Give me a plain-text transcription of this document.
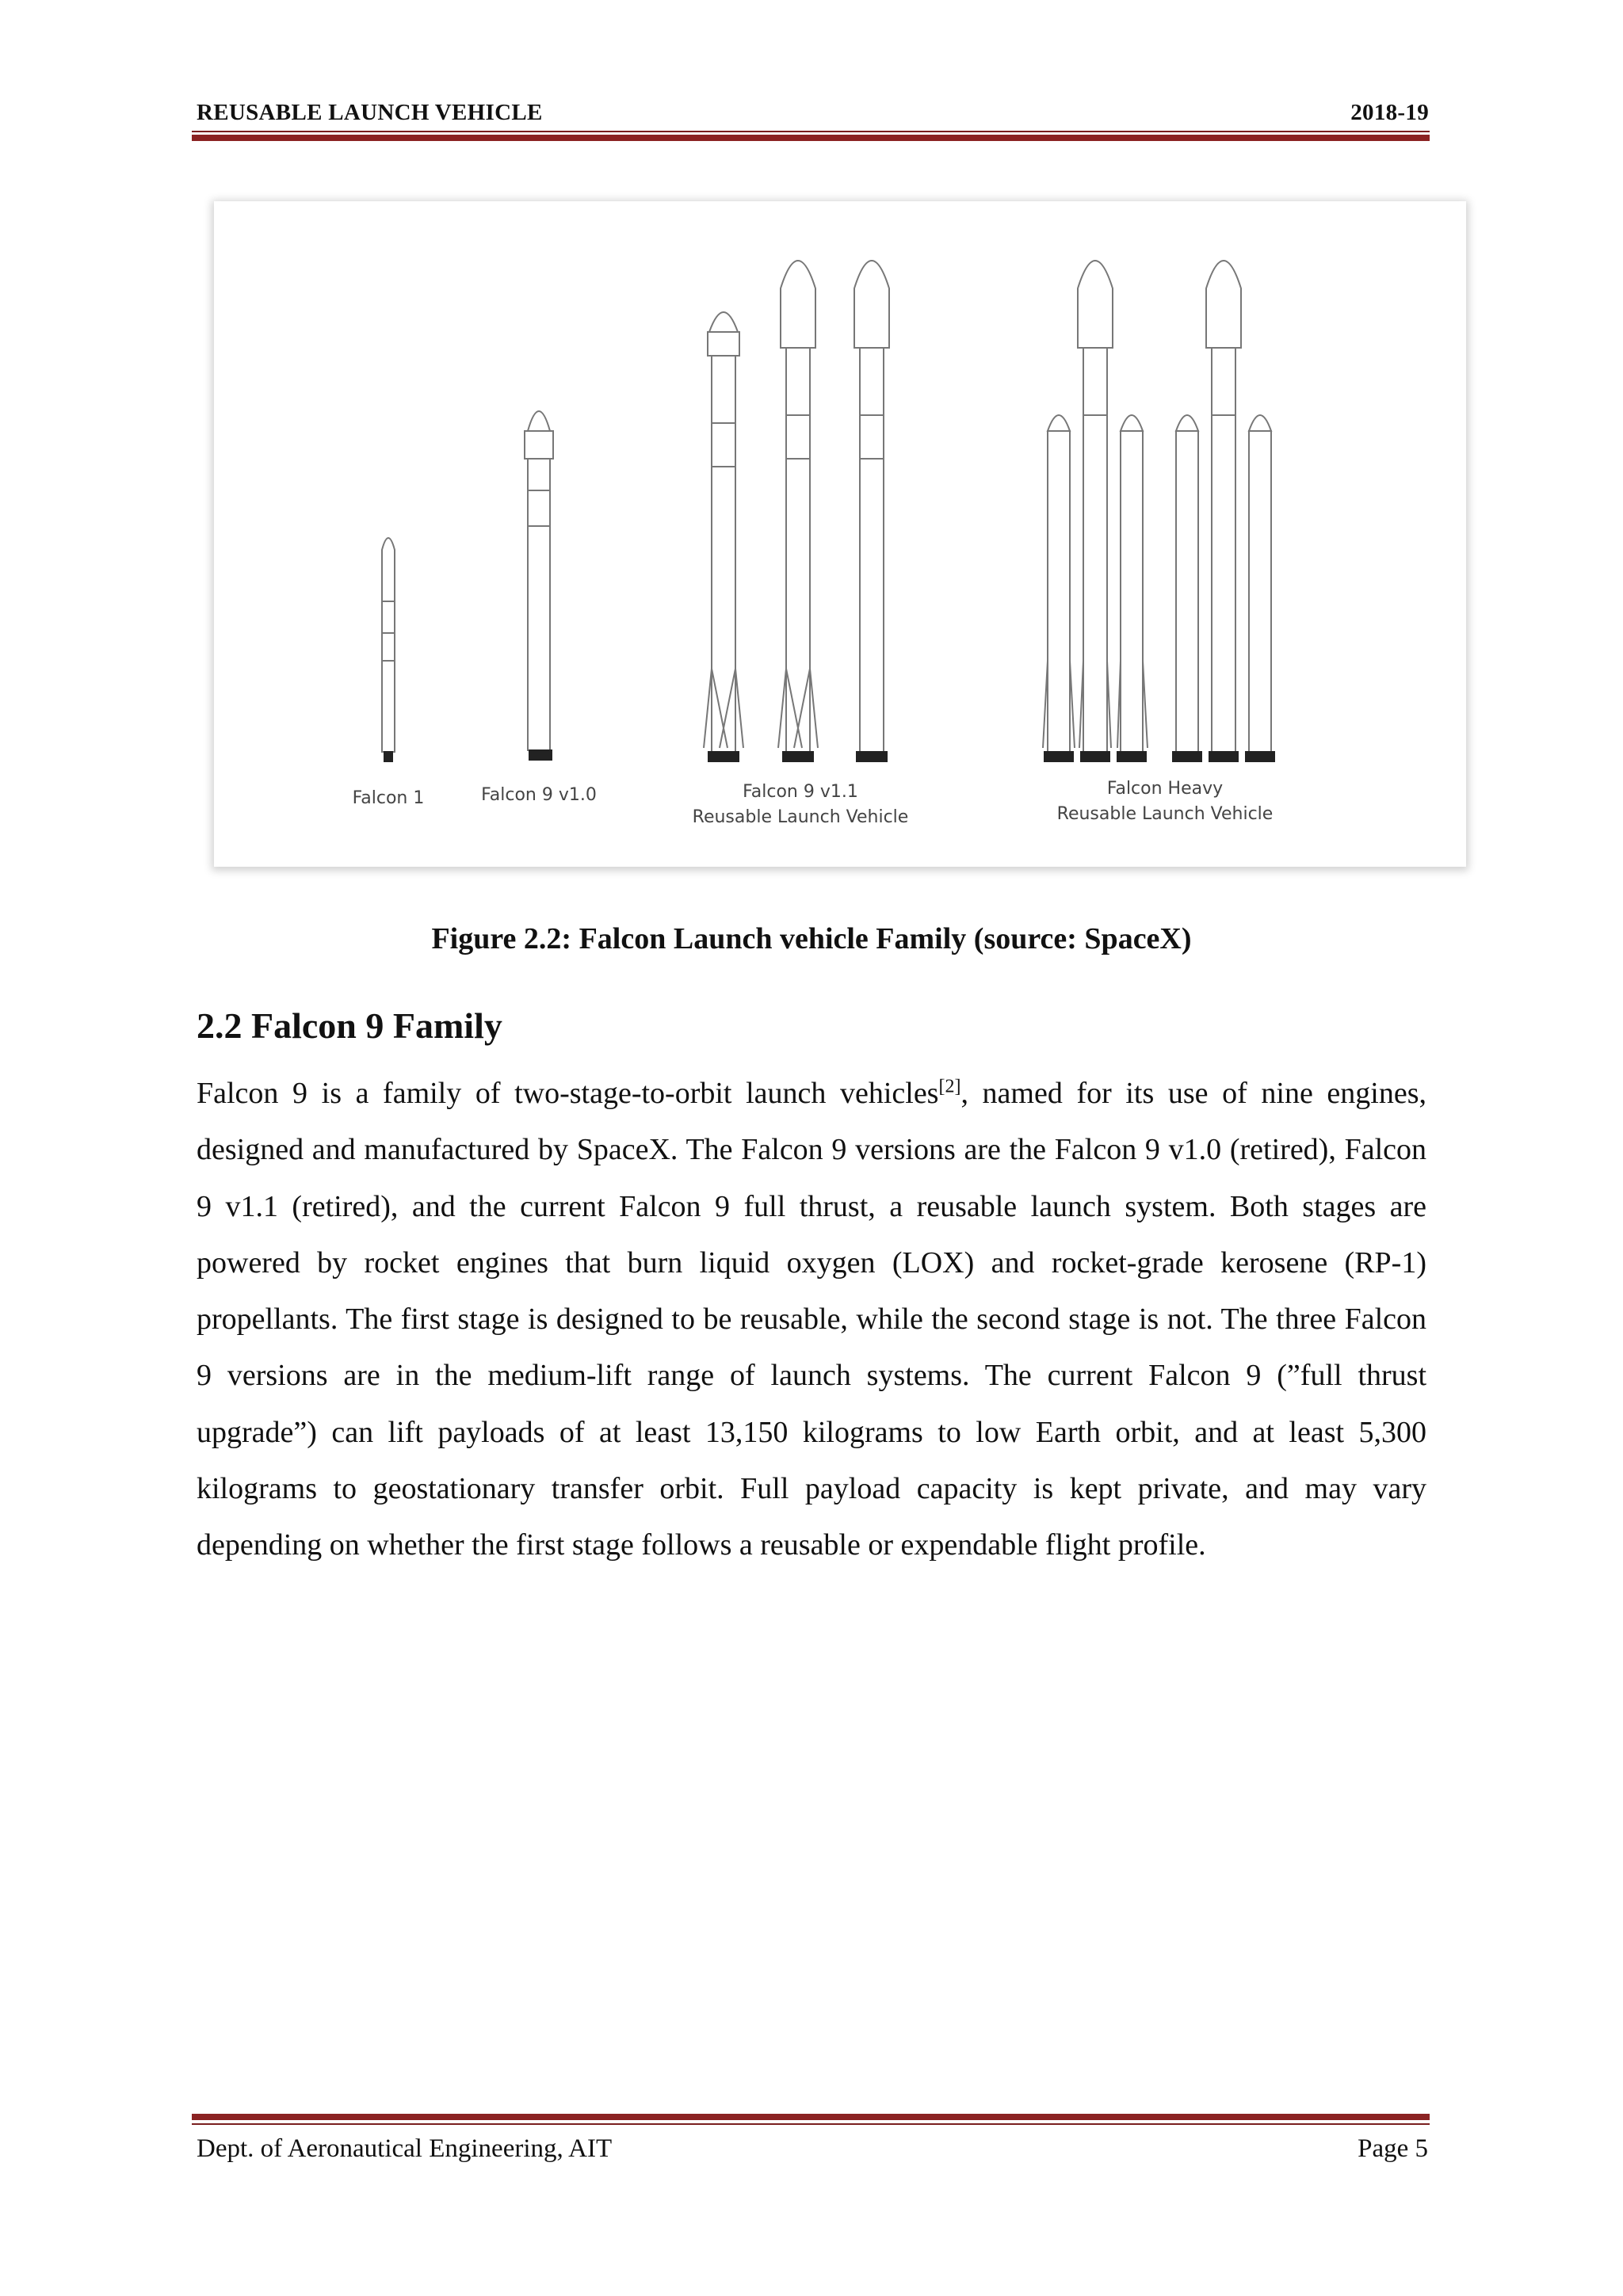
REUSABLE LAUNCH VEHICLE	2018-19
Falcon 1	Falcon 9 v1.0	Falcon 9 v1.1
Reusable Launch Vehicle
Falcon Heavy
Reusable Launch Vehicle
Figure 2.2: Falcon Launch vehicle Family (source: SpaceX)
2.2 Falcon 9 Family
Falcon 9 is a family of two-stage-to-orbit launch vehicles[2], named for its use of nine engines, designed and manufactured by SpaceX. The Falcon 9 versions are the Falcon 9 v1.0 (retired), Falcon 9 v1.1 (retired), and the current Falcon 9 full thrust, a reusable launch system. Both stages are powered by rocket engines that burn liquid oxygen (LOX) and rocket-grade kerosene (RP-1) propellants. The first stage is designed to be reusable, while the second stage is not. The three Falcon 9 versions are in the medium-lift range of launch systems. The current Falcon 9 (”full thrust upgrade”) can lift payloads of at least 13,150 kilograms to low Earth orbit, and at least 5,300 kilograms to geostationary transfer orbit. Full payload capacity is kept private, and may vary depending on whether the first stage follows a reusable or expendable flight profile.
Dept. of Aeronautical Engineering, AIT	Page 5
